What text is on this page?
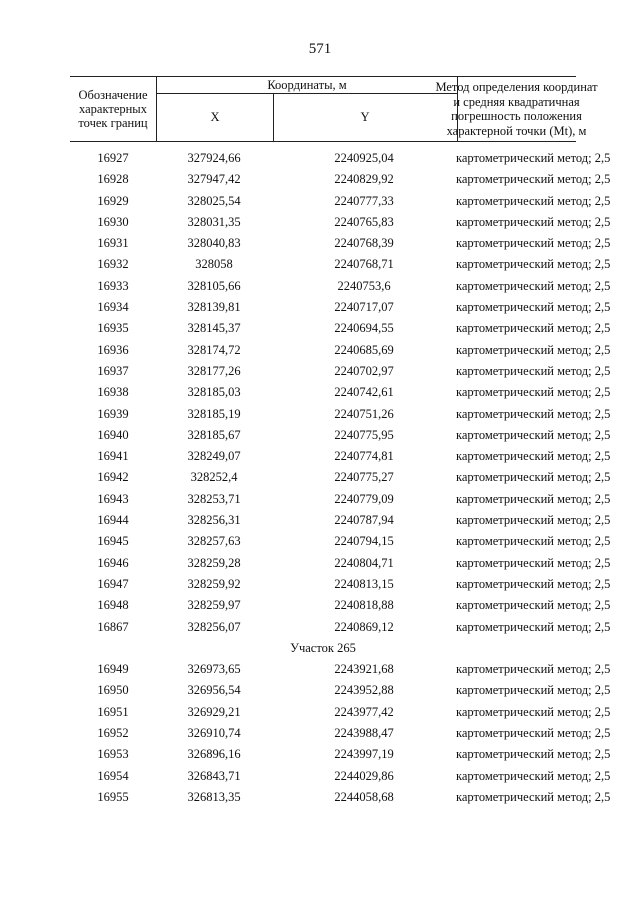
571
Обозначение характерных точек границ
Координаты, м
X	Y
Метод определения координат
и средняя квадратичная
погрешность положения
характерной точки (Mt), м
16927	327924,66	2240925,04	картометрический метод; 2,5
16928	327947,42	2240829,92	картометрический метод; 2,5
16929	328025,54	2240777,33	картометрический метод; 2,5
16930	328031,35	2240765,83	картометрический метод; 2,5
16931	328040,83	2240768,39	картометрический метод; 2,5
16932	328058	2240768,71	картометрический метод; 2,5
16933	328105,66	2240753,6	картометрический метод; 2,5
16934	328139,81	2240717,07	картометрический метод; 2,5
16935	328145,37	2240694,55	картометрический метод; 2,5
16936	328174,72	2240685,69	картометрический метод; 2,5
16937	328177,26	2240702,97	картометрический метод; 2,5
16938	328185,03	2240742,61	картометрический метод; 2,5
16939	328185,19	2240751,26	картометрический метод; 2,5
16940	328185,67	2240775,95	картометрический метод; 2,5
16941	328249,07	2240774,81	картометрический метод; 2,5
16942	328252,4	2240775,27	картометрический метод; 2,5
16943	328253,71	2240779,09	картометрический метод; 2,5
16944	328256,31	2240787,94	картометрический метод; 2,5
16945	328257,63	2240794,15	картометрический метод; 2,5
16946	328259,28	2240804,71	картометрический метод; 2,5
16947	328259,92	2240813,15	картометрический метод; 2,5
16948	328259,97	2240818,88	картометрический метод; 2,5
16867	328256,07	2240869,12	картометрический метод; 2,5
Участок 265
16949	326973,65	2243921,68	картометрический метод; 2,5
16950	326956,54	2243952,88	картометрический метод; 2,5
16951	326929,21	2243977,42	картометрический метод; 2,5
16952	326910,74	2243988,47	картометрический метод; 2,5
16953	326896,16	2243997,19	картометрический метод; 2,5
16954	326843,71	2244029,86	картометрический метод; 2,5
16955	326813,35	2244058,68	картометрический метод; 2,5
